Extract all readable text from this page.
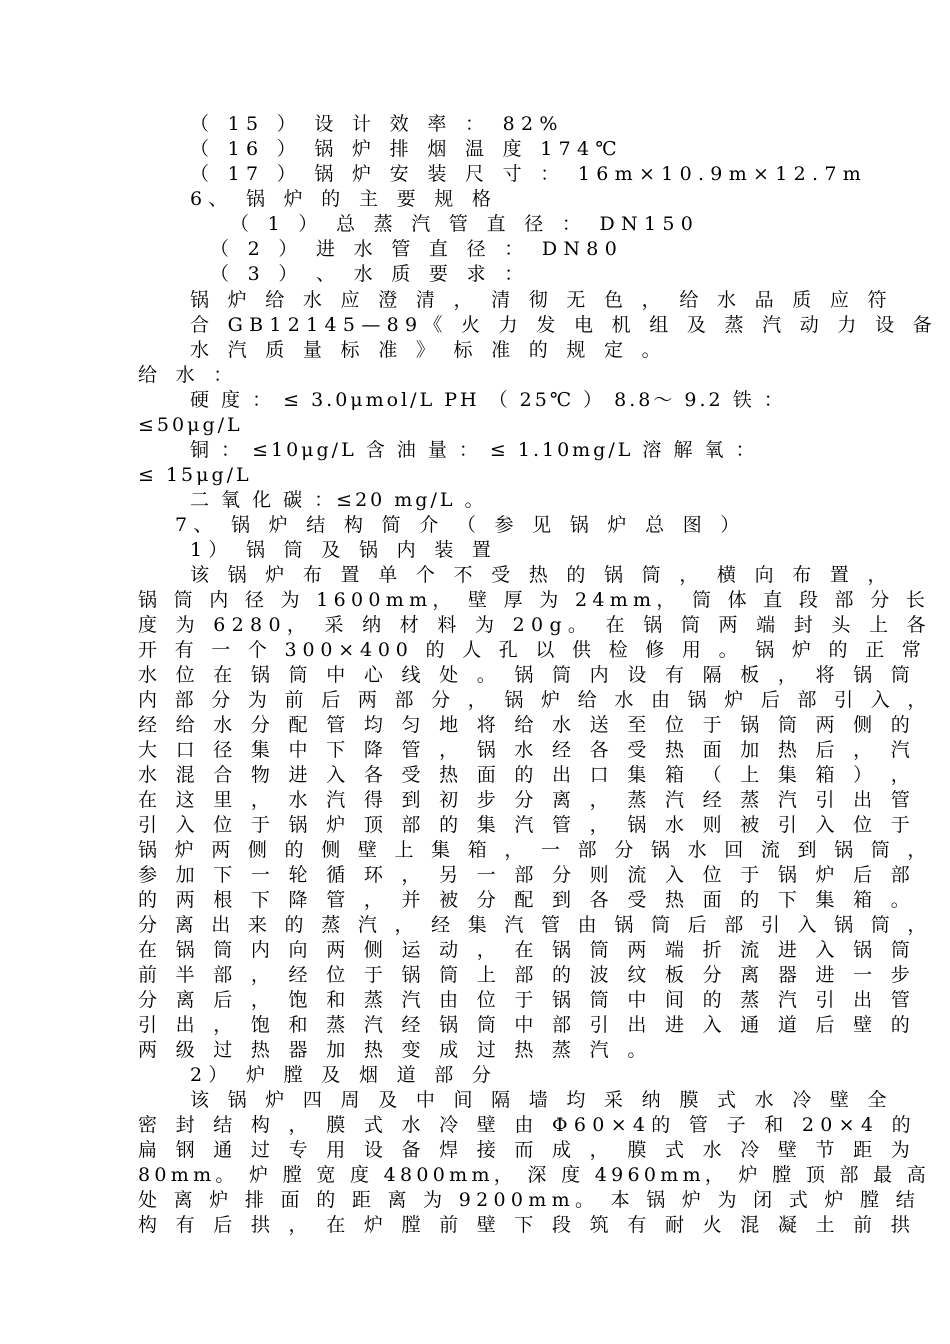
（ 15 ） 设 计 效 率 ： 82%
（ 16 ） 锅 炉 排 烟 温 度 174℃
（ 17 ） 锅 炉 安 装 尺 寸 ： 16m×10.9m×12.7m
6、 锅 炉 的 主 要 规 格
（ 1 ） 总 蒸 汽 管 直 径 ： DN150
（ 2 ） 进 水 管 直 径 ： DN80
（ 3 ） 、 水 质 要 求 ：
锅 炉 给 水 应 澄 清 ， 清 彻 无 色 ， 给 水 品 质 应 符
合 GB12145—89《 火 力 发 电 机 组 及 蒸 汽 动 力 设 备
水 汽 质 量 标 准 》 标 准 的 规 定 。
给 水 ：
硬 度 ： ≤ 3.0μmol/L PH （ 25℃ ） 8.8～ 9.2 铁 ：
≤50μg/L
铜 ： ≤10μg/L 含 油 量 ： ≤ 1.10mg/L 溶 解 氧 ：
≤ 15μg/L
二 氧 化 碳 ：≤20 mg/L 。
7、 锅 炉 结 构 简 介 （ 参 见 锅 炉 总 图 ）
1） 锅 筒 及 锅 内 装 置
该 锅 炉 布 置 单 个 不 受 热 的 锅 筒 ， 横 向 布 置 ，
锅 筒 内 径 为 1600mm， 壁 厚 为 24mm， 筒 体 直 段 部 分 长
度 为 6280， 采 纳 材 料 为 20g。 在 锅 筒 两 端 封 头 上 各
开 有 一 个 300×400 的 人 孔 以 供 检 修 用 。 锅 炉 的 正 常
水 位 在 锅 筒 中 心 线 处 。 锅 筒 内 设 有 隔 板 ， 将 锅 筒
内 部 分 为 前 后 两 部 分 ， 锅 炉 给 水 由 锅 炉 后 部 引 入 ，
经 给 水 分 配 管 均 匀 地 将 给 水 送 至 位 于 锅 筒 两 侧 的
大 口 径 集 中 下 降 管 ， 锅 水 经 各 受 热 面 加 热 后 ， 汽
水 混 合 物 进 入 各 受 热 面 的 出 口 集 箱 （ 上 集 箱 ） ，
在 这 里 ， 水 汽 得 到 初 步 分 离 ， 蒸 汽 经 蒸 汽 引 出 管
引 入 位 于 锅 炉 顶 部 的 集 汽 管 ， 锅 水 则 被 引 入 位 于
锅 炉 两 侧 的 侧 壁 上 集 箱 ， 一 部 分 锅 水 回 流 到 锅 筒 ，
参 加 下 一 轮 循 环 ， 另 一 部 分 则 流 入 位 于 锅 炉 后 部
的 两 根 下 降 管 ， 并 被 分 配 到 各 受 热 面 的 下 集 箱 。
分 离 出 来 的 蒸 汽 ， 经 集 汽 管 由 锅 筒 后 部 引 入 锅 筒 ，
在 锅 筒 内 向 两 侧 运 动 ， 在 锅 筒 两 端 折 流 进 入 锅 筒
前 半 部 ， 经 位 于 锅 筒 上 部 的 波 纹 板 分 离 器 进 一 步
分 离 后 ， 饱 和 蒸 汽 由 位 于 锅 筒 中 间 的 蒸 汽 引 出 管
引 出 ， 饱 和 蒸 汽 经 锅 筒 中 部 引 出 进 入 通 道 后 壁 的
两 级 过 热 器 加 热 变 成 过 热 蒸 汽 。
2） 炉 膛 及 烟 道 部 分
该 锅 炉 四 周 及 中 间 隔 墙 均 采 纳 膜 式 水 冷 壁 全
密 封 结 构 ， 膜 式 水 冷 壁 由 Φ60×4的 管 子 和 20×4 的
扁 钢 通 过 专 用 设 备 焊 接 而 成 ， 膜 式 水 冷 壁 节 距 为
80mm。 炉 膛 宽 度 4800mm， 深 度 4960mm， 炉 膛 顶 部 最 高
处 离 炉 排 面 的 距 离 为 9200mm。 本 锅 炉 为 闭 式 炉 膛 结
构 有 后 拱 ， 在 炉 膛 前 壁 下 段 筑 有 耐 火 混 凝 土 前 拱
